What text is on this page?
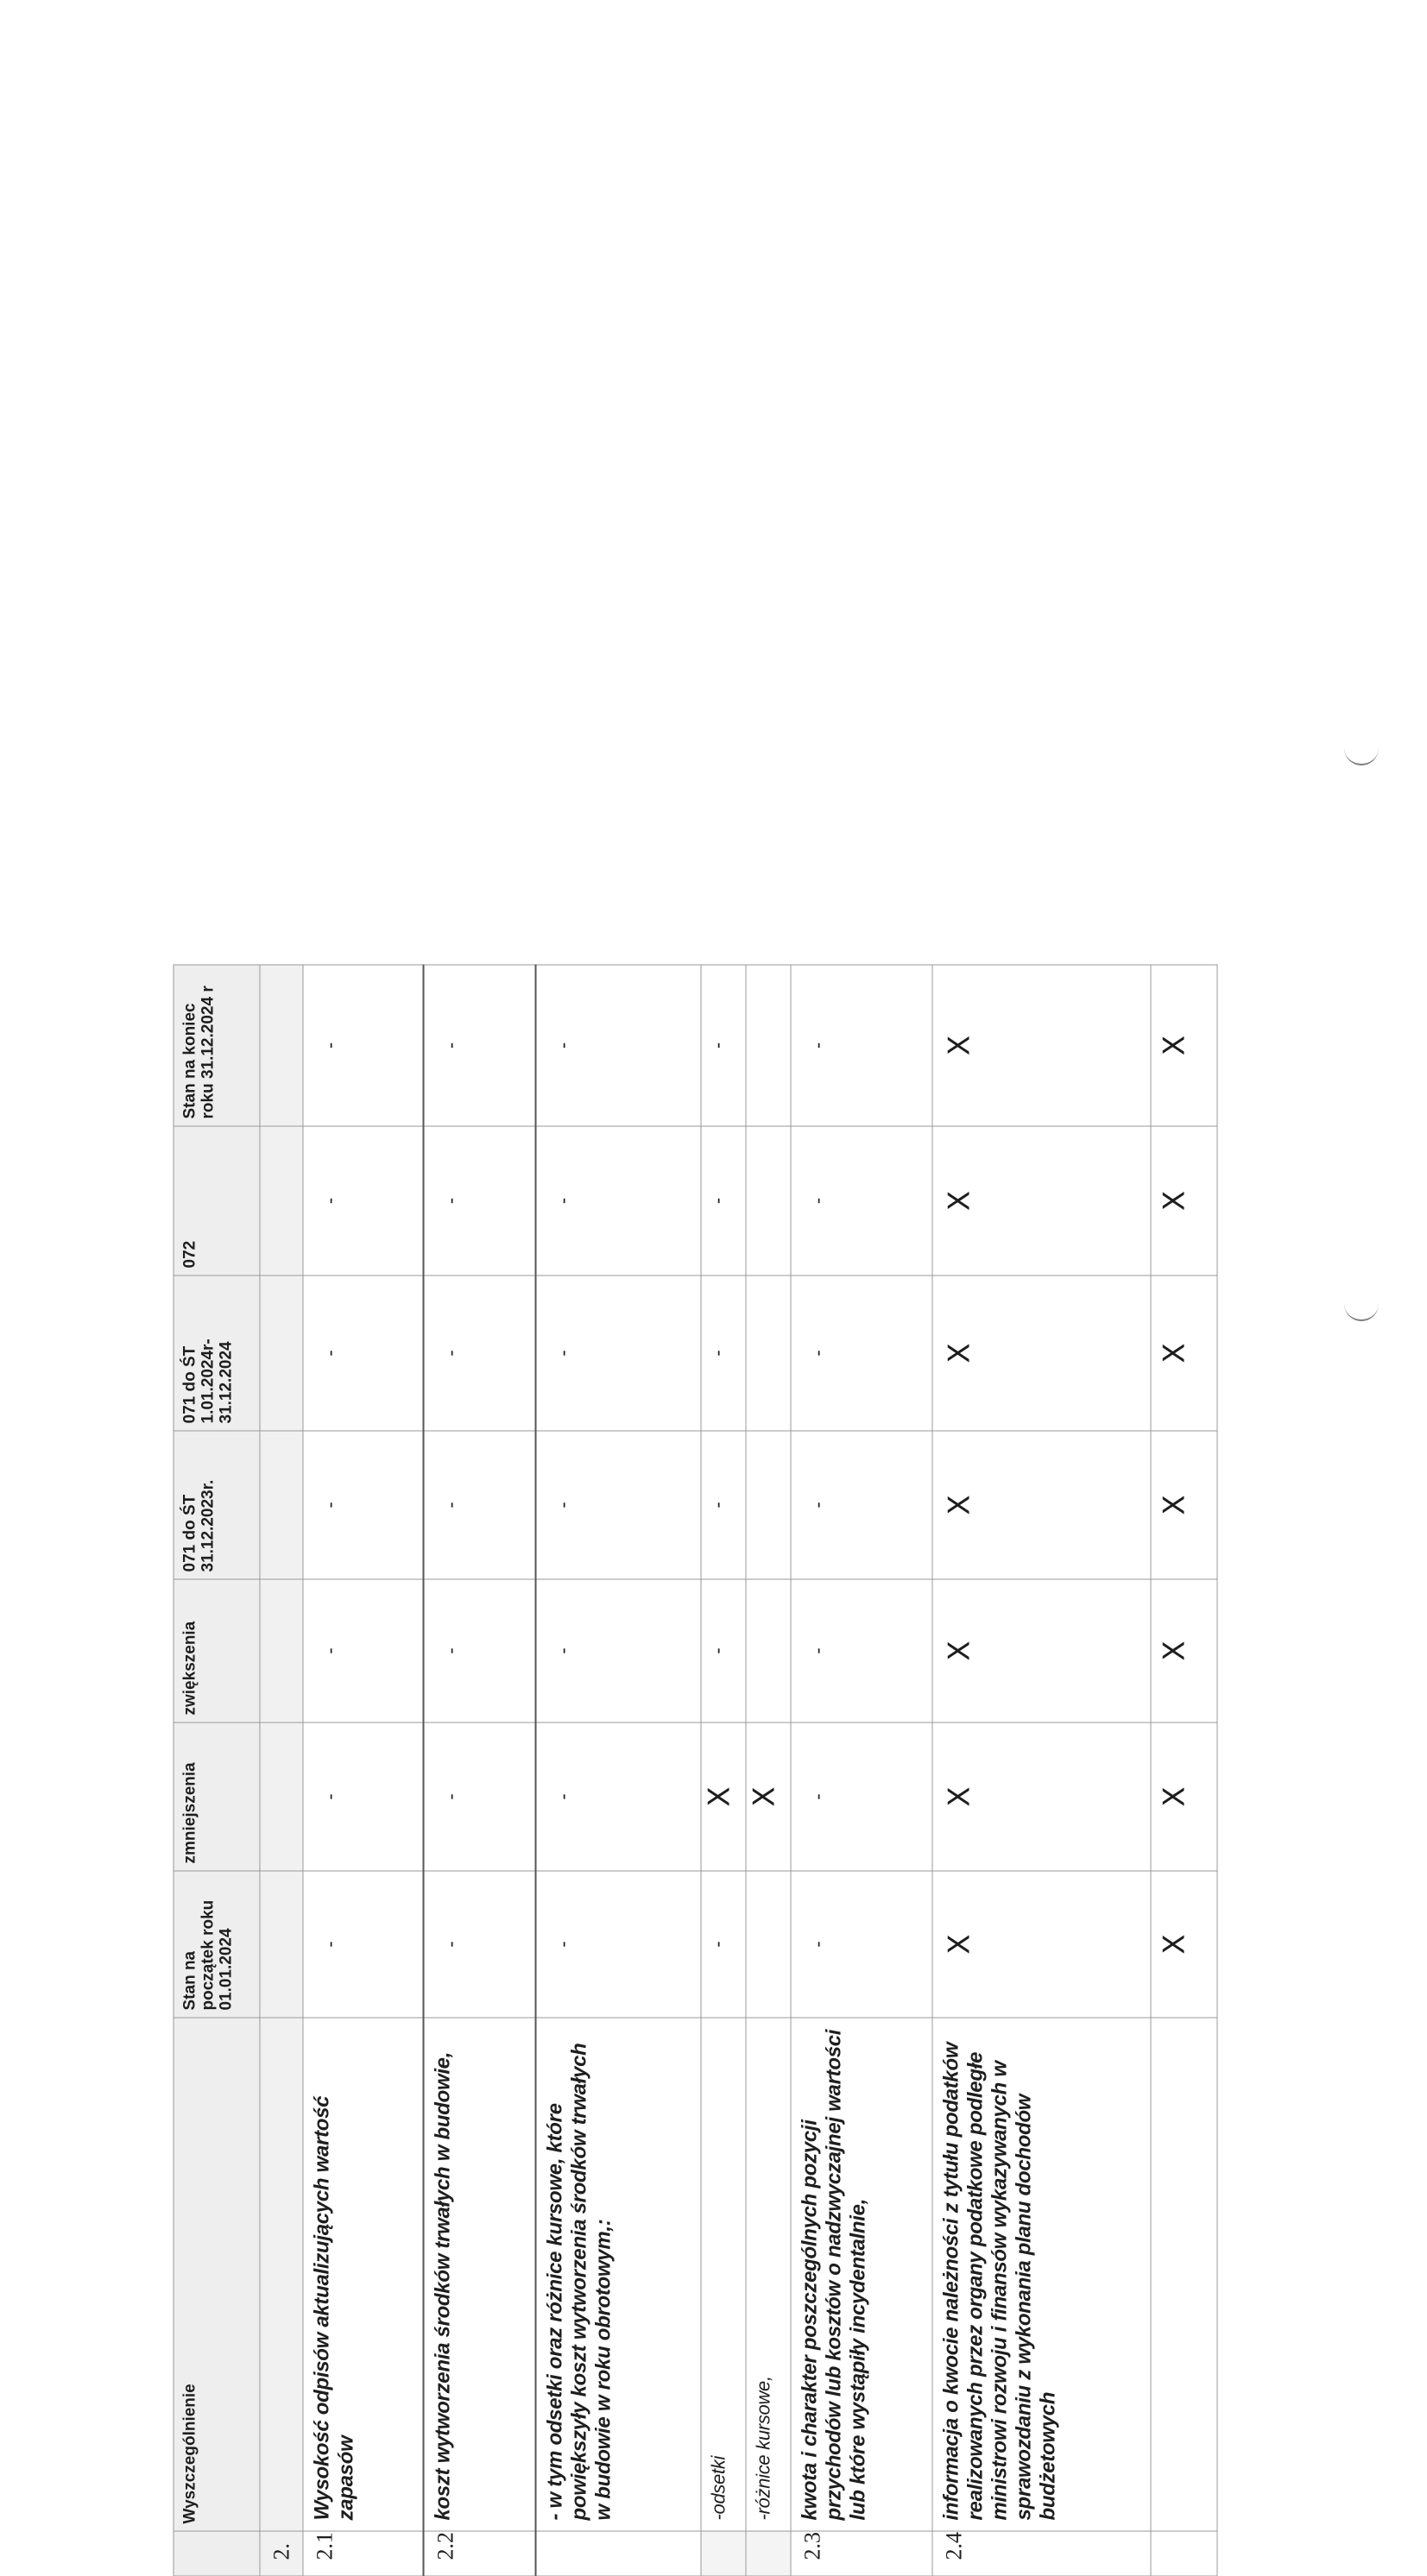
	Wyszczególnienie	Stan na początek roku 01.01.2024	zmniejszenia	zwiększenia	071 do ŚT 31.12.2023r.	071 do ŚT 1.01.2024r- 31.12.2024	072	Stan na koniec roku 31.12.2024 r

2.								

2.1	Wysokość odpisów aktualizujących wartość zapasów	-	-	-	-	-	-	-

2.2	koszt wytworzenia środków trwałych w budowie,	-	-	-	-	-	-	-

	- w tym odsetki oraz różnice kursowe, które powiększyły koszt wytworzenia środków trwałych w budowie w roku obrotowym,:	-	-	-	-	-	-	-

	-odsetki	-	X	-	-	-	-	-

	-różnice kursowe,		X					

2.3	kwota i charakter poszczególnych pozycji przychodów lub kosztów o nadzwyczajnej wartości lub które wystąpiły incydentalnie,	-	-	-	-	-	-	-

2.4	informacja o kwocie należności z tytułu podatków realizowanych przez organy podatkowe podległe ministrowi rozwoju i finansów wykazywanych w sprawozdaniu z wykonania planu dochodów budżetowych	X	X	X	X	X	X	X

		X	X	X	X	X	X	X
